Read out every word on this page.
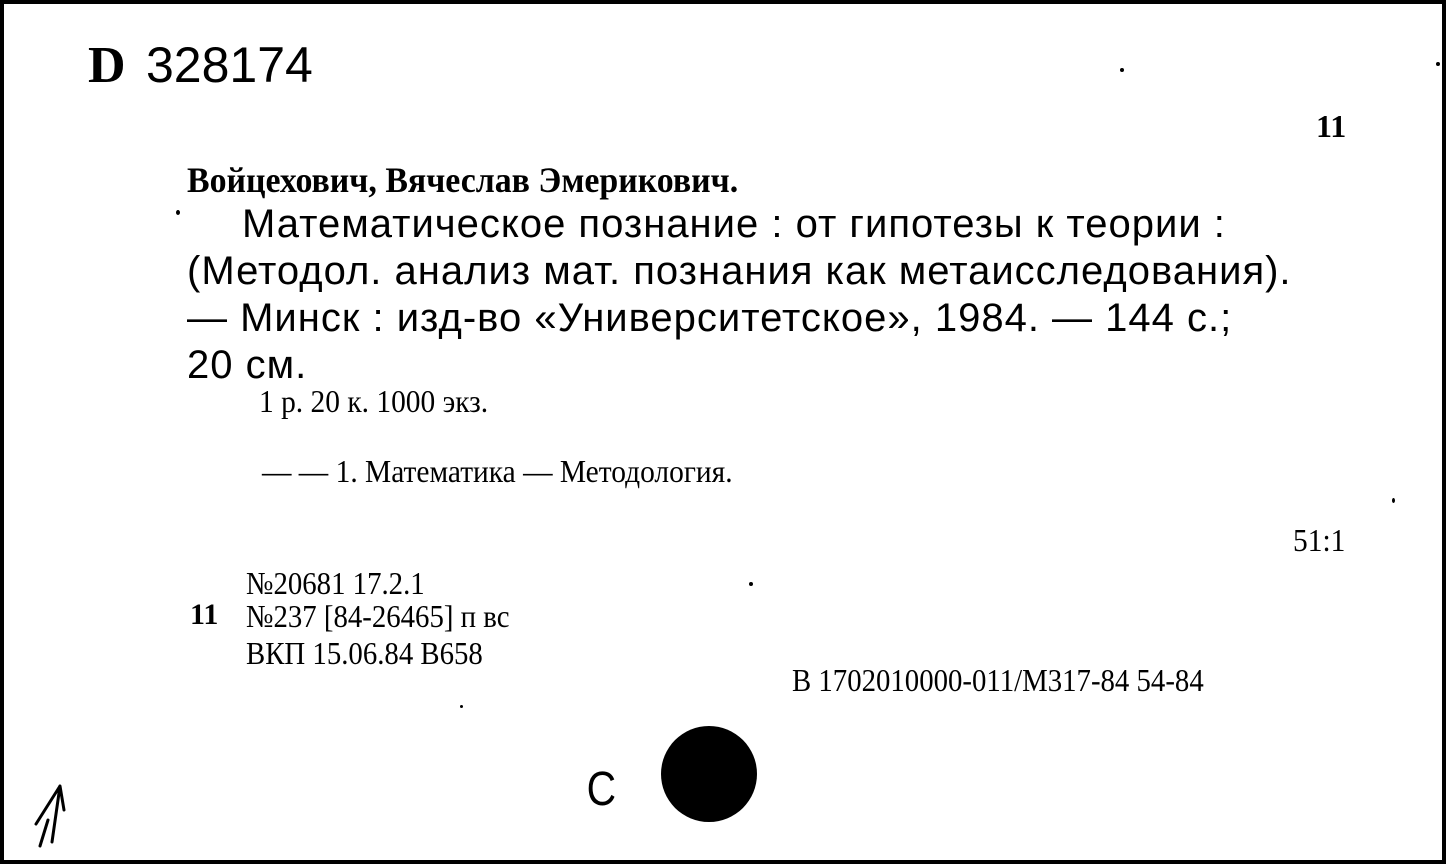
D 328174
11
Войцехович, Вячеслав Эмерикович.
Математическое познание : от гипотезы к теории :
(Методол. анализ мат. познания как метаисследования).
— Минск : изд-во «Университетское», 1984. — 144 с.;
20 см.
1 р. 20 к. 1000 экз.
— — 1. Математика — Методология.
51:1
№20681 17.2.1
11 №237 [84-26465] п вс
ВКП 15.06.84 В658
В 1702010000-011/М317-84 54-84
С
